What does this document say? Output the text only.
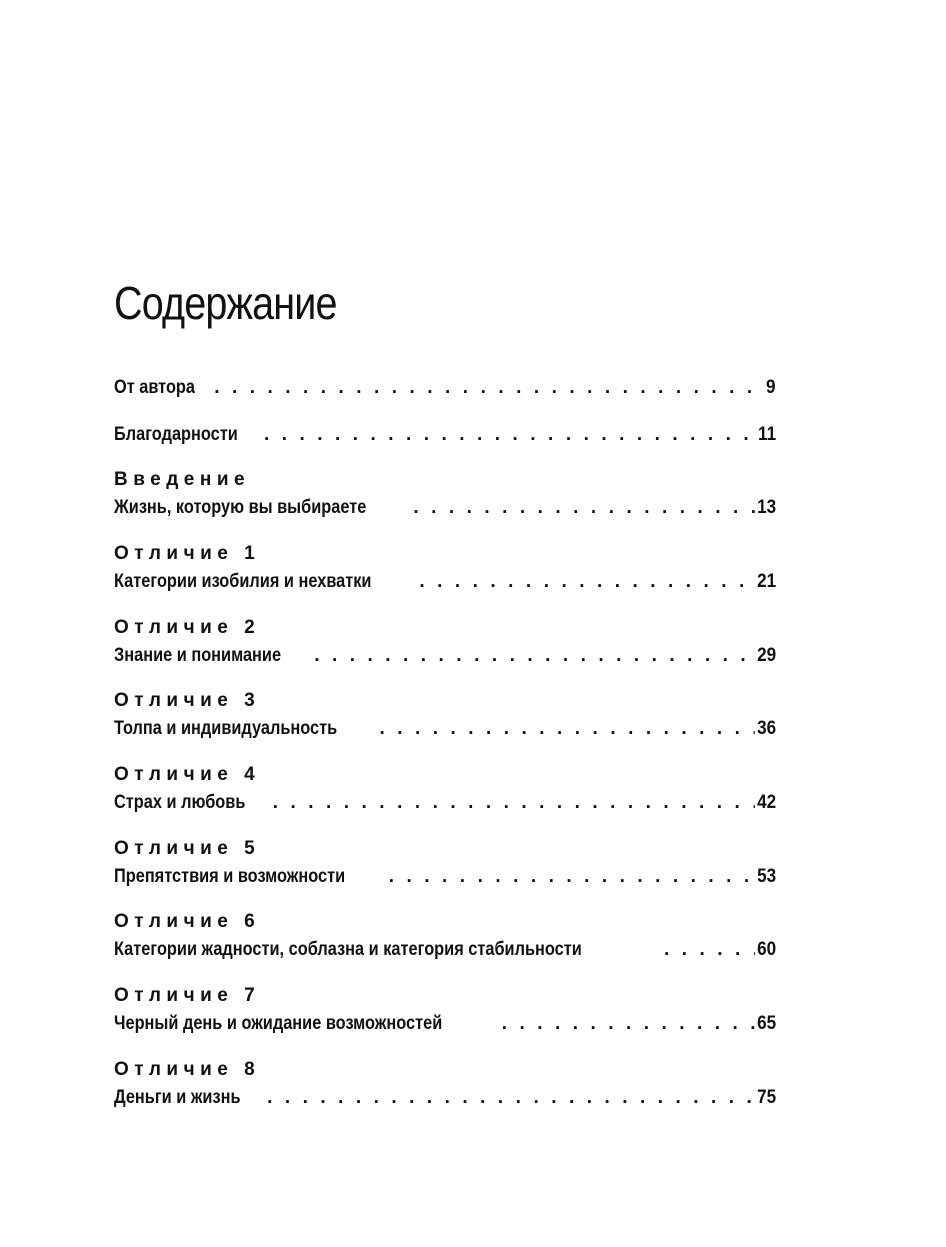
Содержание
От автора . . .	9
Благодарности . . .	11
Введение
Жизнь, которую вы выбираете . . .	13
Отличие 1
Категории изобилия и нехватки . . .	21
Отличие 2
Знание и понимание . . .	29
Отличие 3
Толпа и индивидуальность . . .	36
Отличие 4
Страх и любовь . . .	42
Отличие 5
Препятствия и возможности . . .	53
Отличие 6
Категории жадности, соблазна и категория стабильности . . .	60
Отличие 7
Черный день и ожидание возможностей . . .	65
Отличие 8
Деньги и жизнь . . .	75
